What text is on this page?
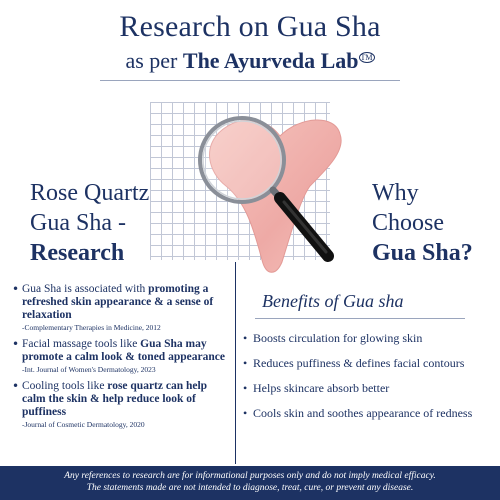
Research on Gua Sha
as per The Ayurveda Lab ™
Rose Quartz
Gua Sha -
Research
Why
Choose
Gua Sha?
• Gua Sha is associated with promoting a refreshed skin appearance & a sense of relaxation
-Complementary Therapies in Medicine, 2012
• Facial massage tools like Gua Sha may promote a calm look & toned appearance
-Int. Journal of Women's Dermatology, 2023
• Cooling tools like rose quartz can help calm the skin & help reduce look of puffiness
-Journal of Cosmetic Dermatology, 2020
Benefits of Gua sha
• Boosts circulation for glowing skin
• Reduces puffiness & defines facial contours
• Helps skincare absorb better
• Cools skin and soothes appearance of redness

Any references to research are for informational purposes only and do not imply medical efficacy.

The statements made are not intended to diagnose, treat, cure, or prevent any disease.
